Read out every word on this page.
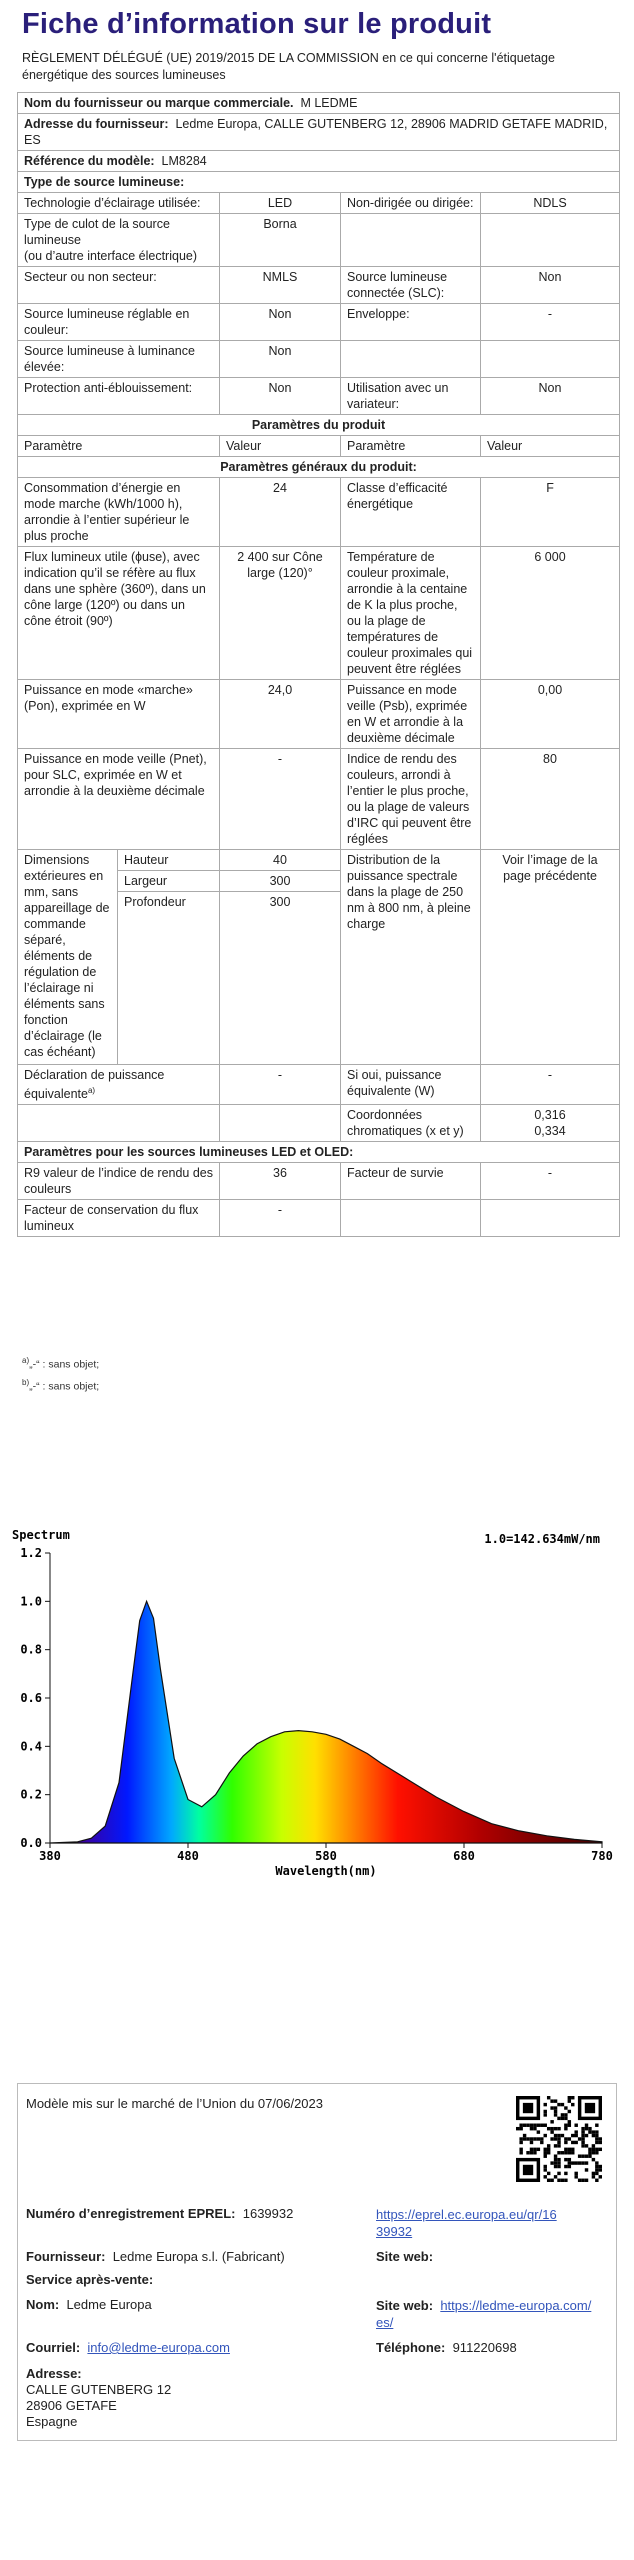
Fiche d’information sur le produit
RÈGLEMENT DÉLÉGUÉ (UE) 2019/2015 DE LA COMMISSION en ce qui concerne l'étiquetage énergétique des sources lumineuses
Nom du fournisseur ou marque commerciale. M LEDME				
Adresse du fournisseur: Ledme Europa, CALLE GUTENBERG 12, 28906 MADRID GETAFE MADRID, ES				
Référence du modèle: LM8284				
Type de source lumineuse:				
Technologie d’éclairage utilisée:		LED	Non-dirigée ou dirigée:	NDLS

Type de culot de la source lumineuse
(ou d’autre interface électrique)		Borna		
Secteur ou non secteur:		NMLS	Source lumineuse connectée (SLC):	Non
Source lumineuse réglable en couleur:		Non	Enveloppe:	-
Source lumineuse à luminance élevée:		Non		
Protection anti-éblouissement:		Non	Utilisation avec un variateur:	Non
Paramètres du produit				
Paramètre		Valeur	Paramètre	Valeur
Paramètres généraux du produit:				
Consommation d’énergie en mode marche (kWh/1000 h), arrondie à l’entier supérieur le plus proche		24	Classe d’efficacité énergétique	F
Flux lumineux utile (ɸuse), avec indication qu’il se réfère au flux dans une sphère (360º), dans un cône large (120º) ou dans un cône étroit (90º)		2 400 sur Cône large (120)°	Température de couleur proximale, arrondie à la centaine de K la plus proche, ou la plage de températures de couleur proximales qui peuvent être réglées	6 000
Puissance en mode «marche» (Pon), exprimée en W		24,0	Puissance en mode veille (Psb), exprimée en W et arrondie à la deuxième décimale	0,00
Puissance en mode veille (Pnet), pour SLC, exprimée en W et arrondie à la deuxième décimale		-	Indice de rendu des couleurs, arrondi à l’entier le plus proche, ou la plage de valeurs d’IRC qui peuvent être réglées	80
Dimensions extérieures en mm, sans appareillage de commande séparé, éléments de régulation de l’éclairage ni éléments sans fonction d’éclairage (le cas échéant)	Hauteur	40	Distribution de la puissance spectrale dans la plage de 250 nm à 800 nm, à pleine charge	Voir l’image de la page précédente
	Largeur	300		
	Profondeur	300		
Déclaration de puissance équivalente$^{a)}$		-	Si oui, puissance équivalente (W)	-
			Coordonnées chromatiques (x et y)	0,316
0,334

Paramètres pour les sources lumineuses LED et OLED:				
R9 valeur de l’indice de rendu des couleurs		36	Facteur de survie	-
Facteur de conservation du flux lumineux		-		
$^{a)}$„-“ : sans objet;
$^{b)}$„-“ : sans objet;
Spectrum	1.0=142.634mW/nm
0.0
0.2
0.4
0.6
0.8
1.0
1.2
380	480	580	680	780
Wavelength(nm)
Modèle mis sur le marché de l’Union du 07/06/2023
Numéro d’enregistrement EPREL: 1639932	https://eprel.ec.europa.eu/qr/16
39932
Fournisseur: Ledme Europa s.l. (Fabricant)	Site web:
Service après-vente:
Nom: Ledme Europa	Site web: https://ledme-europa.com/
es/
Courriel: info@ledme-europa.com	Téléphone: 911220698
Adresse:
CALLE GUTENBERG 12
28906 GETAFE
Espagne
